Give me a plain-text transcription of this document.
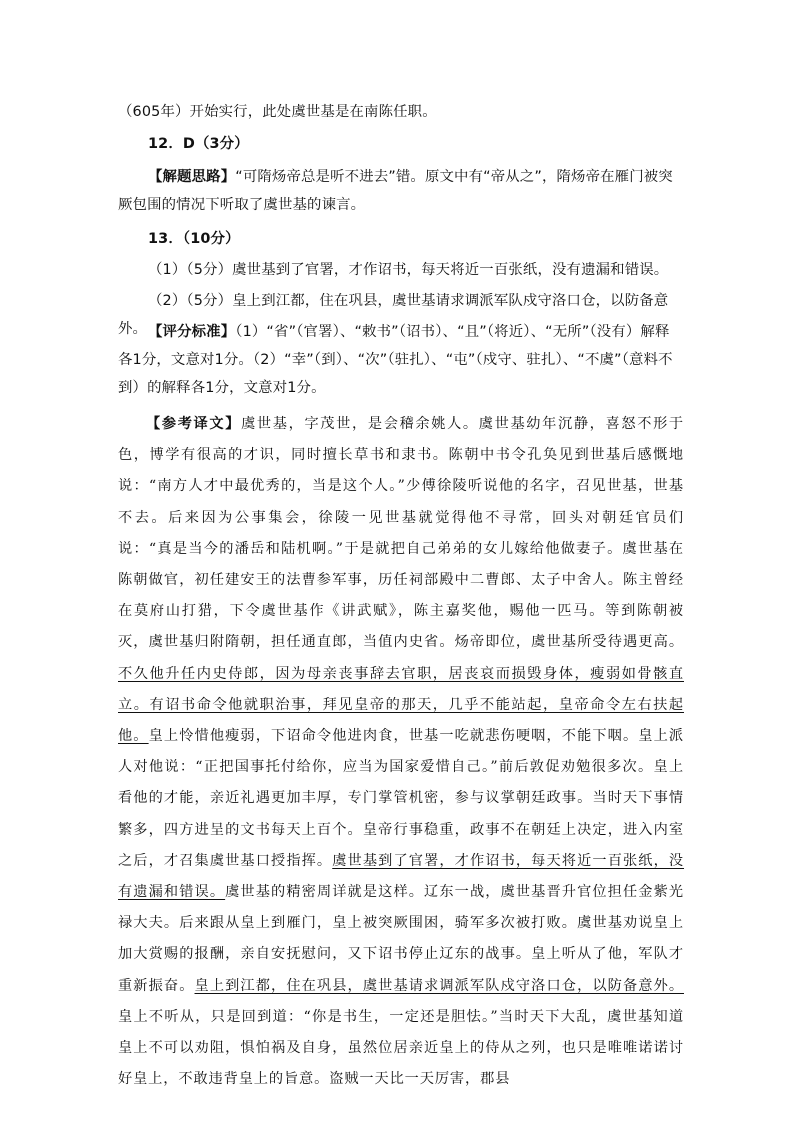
（605年）开始实行，此处虞世基是在南陈任职。

12．D（3分）

【解题思路】“可隋炀帝总是听不进去”错。原文中有“帝从之”，隋炀帝在雁门被突厥包围的情况下听取了虞世基的谏言。

13．（10分）

（1）（5分）虞世基到了官署，才作诏书，每天将近一百张纸，没有遗漏和错误。

（2）（5分）皇上到江都，住在巩县，虞世基请求调派军队戍守洛口仓，以防备意外。 【评分标准】（1）“省”（官署）、“敕书”（诏书）、“且”（将近）、“无所”（没有）解释各1分，文意对1分。（2）“幸”（到）、“次”（驻扎）、“屯”（戍守、驻扎）、“不虞”（意料不到）的解释各1分，文意对1分。

【参考译文】虞世基，字茂世，是会稽余姚人。虞世基幼年沉静，喜怒不形于色，博学有很高的才识，同时擅长草书和隶书。陈朝中书令孔奂见到世基后感慨地说：“南方人才中最优秀的，当是这个人。”少傅徐陵听说他的名字，召见世基，世基不去。后来因为公事集会，徐陵一见世基就觉得他不寻常，回头对朝廷官员们说：“真是当今的潘岳和陆机啊。”于是就把自己弟弟的女儿嫁给他做妻子。虞世基在陈朝做官，初任建安王的法曹参军事，历任祠部殿中二曹郎、太子中舍人。陈主曾经在莫府山打猎，下令虞世基作《讲武赋》，陈主嘉奖他，赐他一匹马。等到陈朝被灭，虞世基归附隋朝，担任通直郎，当值内史省。炀帝即位，虞世基所受待遇更高。不久他升任内史侍郎，因为母亲丧事辞去官职，居丧哀而损毁身体，瘦弱如骨骸直立。有诏书命令他就职治事，拜见皇帝的那天，几乎不能站起，皇帝命令左右扶起他。皇上怜惜他瘦弱，下诏命令他进肉食，世基一吃就悲伤哽咽，不能下咽。皇上派人对他说：“正把国事托付给你，应当为国家爱惜自己。”前后敦促劝勉很多次。皇上看他的才能，亲近礼遇更加丰厚，专门掌管机密，参与议掌朝廷政事。当时天下事情繁多，四方进呈的文书每天上百个。皇帝行事稳重，政事不在朝廷上决定，进入内室之后，才召集虞世基口授指挥。虞世基到了官署，才作诏书，每天将近一百张纸，没有遗漏和错误。虞世基的精密周详就是这样。辽东一战，虞世基晋升官位担任金紫光禄大夫。后来跟从皇上到雁门，皇上被突厥围困，骑军多次被打败。虞世基劝说皇上加大赏赐的报酬，亲自安抚慰问，又下诏书停止辽东的战事。皇上听从了他，军队才重新振奋。皇上到江都，住在巩县，虞世基请求调派军队戍守洛口仓，以防备意外。皇上不听从，只是回到道：“你是书生，一定还是胆怯。”当时天下大乱，虞世基知道皇上不可以劝阻，惧怕祸及自身，虽然位居亲近皇上的侍从之列，也只是唯唯诺诺讨好皇上，不敢违背皇上的旨意。盗贼一天比一天厉害，郡县
